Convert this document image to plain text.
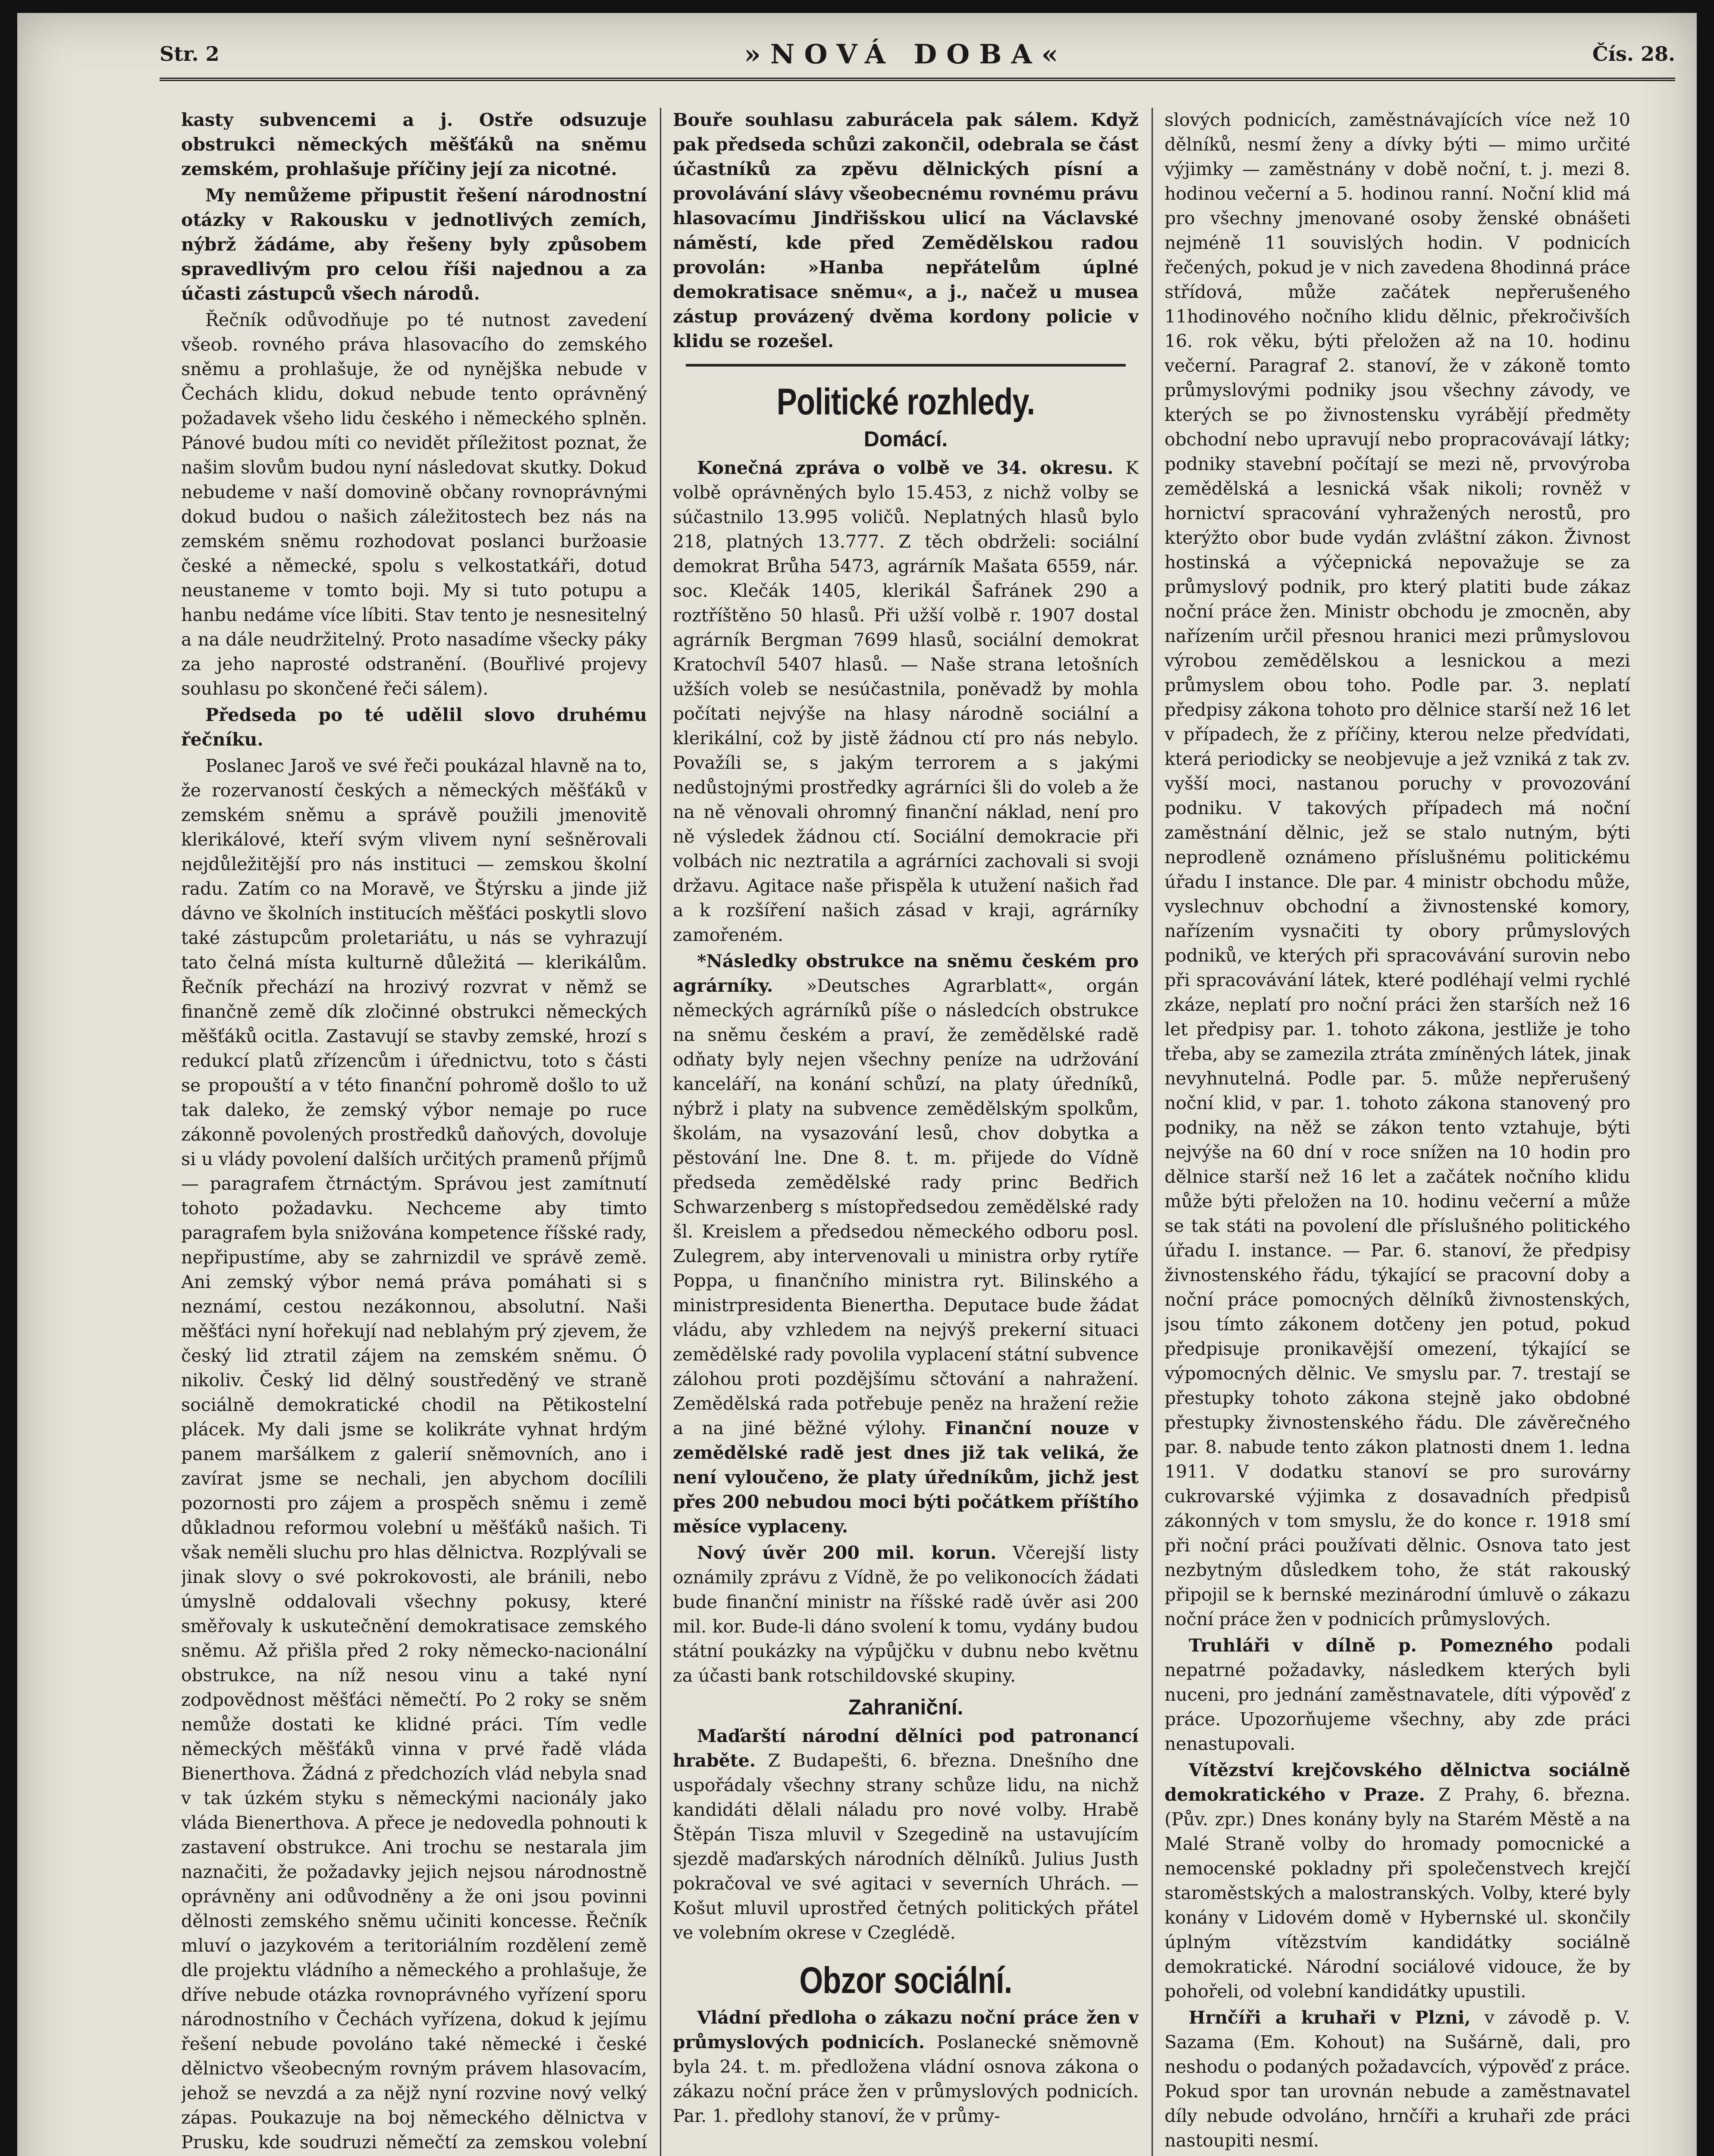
Str. 2	»NOVÁ DOBA«	Čís. 28.

kasty subvencemi a j. Ostře odsuzuje obstrukci německých měšťáků na sněmu zemském, prohlašuje příčiny její za nicotné.

My nemůžeme připustit řešení národnostní otázky v Rakousku v jednotlivých zemích, nýbrž žádáme, aby řešeny byly způsobem spravedlivým pro celou říši najednou a za účasti zástupců všech národů.

Řečník odůvodňuje po té nutnost zavedení všeob. rovného práva hlasovacího do zemského sněmu a prohlašuje, že od nynějška nebude v Čechách klidu, dokud nebude tento oprávněný požadavek všeho lidu českého i německého splněn. Pánové budou míti co nevidět příležitost poznat, že našim slovům budou nyní následovat skutky. Dokud nebudeme v naší domovině občany rovnoprávnými dokud budou o našich záležitostech bez nás na zemském sněmu rozhodovat poslanci buržoasie české a německé, spolu s velkostatkáři, dotud neustaneme v tomto boji. My si tuto potupu a hanbu nedáme více líbiti. Stav tento je nesnesitelný a na dále neudržitelný. Proto nasadíme všecky páky za jeho naprosté odstranění. (Bouřlivé projevy souhlasu po skončené řeči sálem).

Předseda po té udělil slovo druhému řečníku.

Poslanec Jaroš ve své řeči poukázal hlavně na to, že rozervaností českých a německých měšťáků v zemském sněmu a správě použili jmenovitě klerikálové, kteří svým vlivem nyní sešněrovali nejdůležitější pro nás instituci — zemskou školní radu. Zatím co na Moravě, ve Štýrsku a jinde již dávno ve školních institucích měšťáci poskytli slovo také zástupcům proletariátu, u nás se vyhrazují tato čelná místa kulturně důležitá — klerikálům. Řečník přechází na hrozivý rozvrat v němž se finančně země dík zločinné obstrukci německých měšťáků ocitla. Zastavují se stavby zemské, hrozí s redukcí platů zřízencům i úřednictvu, toto s části se propouští a v této finanční pohromě došlo to už tak daleko, že zemský výbor nemaje po ruce zákonně povolených prostředků daňových, dovoluje si u vlády povolení dalších určitých pramenů příjmů — paragrafem čtrnáctým. Správou jest zamítnutí tohoto požadavku. Nechceme aby timto paragrafem byla snižována kompetence říšské rady, nepřipustíme, aby se zahrnizdil ve správě země. Ani zemský výbor nemá práva pomáhati si s neznámí, cestou nezákonnou, absolutní. Naši měšťáci nyní hořekují nad neblahým prý zjevem, že český lid ztratil zájem na zemském sněmu. Ó nikoliv. Český lid dělný soustředěný ve straně sociálně demokratické chodil na Pětikostelní plácek. My dali jsme se kolikráte vyhnat hrdým panem maršálkem z galerií sněmovních, ano i zavírat jsme se nechali, jen abychom docílili pozornosti pro zájem a prospěch sněmu i země důkladnou reformou volební u měšťáků našich. Ti však neměli sluchu pro hlas dělnictva. Rozplývali se jinak slovy o své pokrokovosti, ale bránili, nebo úmyslně oddalovali všechny pokusy, které směřovaly k uskutečnění demokratisace zemského sněmu. Až přišla před 2 roky německo-nacionální obstrukce, na níž nesou vinu a také nyní zodpovědnost měšťáci němečtí. Po 2 roky se sněm nemůže dostati ke klidné práci. Tím vedle německých měšťáků vinna v prvé řadě vláda Bienerthova. Žádná z předchozích vlád nebyla snad v tak úzkém styku s německými nacionály jako vláda Bienerthova. A přece je nedovedla pohnouti k zastavení obstrukce. Ani trochu se nestarala jim naznačiti, že požadavky jejich nejsou národnostně oprávněny ani odůvodněny a že oni jsou povinni dělnosti zemského sněmu učiniti koncesse. Řečník mluví o jazykovém a teritoriálním rozdělení země dle projektu vládního a německého a prohlašuje, že dříve nebude otázka rovnoprávného vyřízení sporu národnostního v Čechách vyřízena, dokud k jejímu řešení nebude povoláno také německé i české dělnictvo všeobecným rovným právem hlasovacím, jehož se nevzdá a za nějž nyní rozvine nový velký zápas. Poukazuje na boj německého dělnictva v Prusku, kde soudruzi němečtí za zemskou volební

Bouře souhlasu zaburácela pak sálem. Když pak předseda schůzi zakončil, odebrala se část účastníků za zpěvu dělnických písní a provolávání slávy všeobecnému rovnému právu hlasovacímu Jindřišskou ulicí na Václavské náměstí, kde před Zemědělskou radou provolán: »Hanba nepřátelům úplné demokratisace sněmu«, a j., načež u musea zástup provázený dvěma kordony policie v klidu se rozešel.

Politické rozhledy.
Domácí.

Konečná zpráva o volbě ve 34. okresu. K volbě oprávněných bylo 15.453, z nichž volby se súčastnilo 13.995 voličů. Neplatných hlasů bylo 218, platných 13.777. Z těch obdrželi: sociální demokrat Brůha 5473, agrárník Mašata 6559, nár. soc. Klečák 1405, klerikál Šafránek 290 a roztříštěno 50 hlasů. Při užší volbě r. 1907 dostal agrárník Bergman 7699 hlasů, sociální demokrat Kratochvíl 5407 hlasů. — Naše strana letošních užších voleb se nesúčastnila, poněvadž by mohla počítati nejvýše na hlasy národně sociální a klerikální, což by jistě žádnou ctí pro nás nebylo. Považíli se, s jakým terrorem a s jakými nedůstojnými prostředky agrárníci šli do voleb a že na ně věnovali ohromný finanční náklad, není pro ně výsledek žádnou ctí. Sociální demokracie při volbách nic neztratila a agrárníci zachovali si svoji državu. Agitace naše přispěla k utužení našich řad a k rozšíření našich zásad v kraji, agrárníky zamořeném.

*Následky obstrukce na sněmu českém pro agrárníky. »Deutsches Agrarblatt«, orgán německých agrárníků píše o následcích obstrukce na sněmu českém a praví, že zemědělské radě odňaty byly nejen všechny peníze na udržování kanceláří, na konání schůzí, na platy úředníků, nýbrž i platy na subvence zemědělským spolkům, školám, na vysazování lesů, chov dobytka a pěstování lne. Dne 8. t. m. přijede do Vídně předseda zemědělské rady princ Bedřich Schwarzenberg s místopředsedou zemědělské rady šl. Kreislem a předsedou německého odboru posl. Zulegrem, aby intervenovali u ministra orby rytíře Poppa, u finančního ministra ryt. Bilinského a ministrpresidenta Bienertha. Deputace bude žádat vládu, aby vzhledem na nejvýš prekerní situaci zemědělské rady povolila vyplacení státní subvence zálohou proti pozdějšímu sčtování a nahražení. Zemědělská rada potřebuje peněz na hražení režie a na jiné běžné výlohy. Finanční nouze v zemědělské radě jest dnes již tak veliká, že není vyloučeno, že platy úředníkům, jichž jest přes 200 nebudou moci býti počátkem příštího měsíce vyplaceny.

Nový úvěr 200 mil. korun. Včerejší listy oznámily zprávu z Vídně, že po velikonocích žádati bude finanční ministr na říšské radě úvěr asi 200 mil. kor. Bude-li dáno svolení k tomu, vydány budou státní poukázky na výpůjčku v dubnu nebo květnu za účasti bank rotschildovské skupiny.

Zahraniční.

Maďarští národní dělníci pod patronancí hraběte. Z Budapešti, 6. března. Dnešního dne uspořádaly všechny strany schůze lidu, na nichž kandidáti dělali náladu pro nové volby. Hrabě Štěpán Tisza mluvil v Szegedině na ustavujícím sjezdě maďarských národních dělníků. Julius Justh pokračoval ve své agitaci v severních Uhrách. — Košut mluvil uprostřed četných politických přátel ve volebním okrese v Czeglédě.

Obzor sociální.

Vládní předloha o zákazu noční práce žen v průmyslových podnicích. Poslanecké sněmovně byla 24. t. m. předložena vládní osnova zákona o zákazu noční práce žen v průmyslových podnicích. Par. 1. předlohy stanoví, že v průmy-

slových podnicích, zaměstnávajících více než 10 dělníků, nesmí ženy a dívky býti — mimo určité výjimky — zaměstnány v době noční, t. j. mezi 8. hodinou večerní a 5. hodinou ranní. Noční klid má pro všechny jmenované osoby ženské obnášeti nejméně 11 souvislých hodin. V podnicích řečených, pokud je v nich zavedena 8hodinná práce střídová, může začátek nepřerušeného 11hodinového nočního klidu dělnic, překročivších 16. rok věku, býti přeložen až na 10. hodinu večerní. Paragraf 2. stanoví, že v zákoně tomto průmyslovými podniky jsou všechny závody, ve kterých se po živnostensku vyrábějí předměty obchodní nebo upravují nebo propracovávají látky; podniky stavební počítají se mezi ně, prvovýroba zemědělská a lesnická však nikoli; rovněž v hornictví spracování vyhražených nerostů, pro kterýžto obor bude vydán zvláštní zákon. Živnost hostinská a výčepnická nepovažuje se za průmyslový podnik, pro který platiti bude zákaz noční práce žen. Ministr obchodu je zmocněn, aby nařízením určil přesnou hranici mezi průmyslovou výrobou zemědělskou a lesnickou a mezi průmyslem obou toho. Podle par. 3. neplatí předpisy zákona tohoto pro dělnice starší než 16 let v případech, že z příčiny, kterou nelze předvídati, která periodicky se neobjevuje a jež vzniká z tak zv. vyšší moci, nastanou poruchy v provozování podniku. V takových případech má noční zaměstnání dělnic, jež se stalo nutným, býti neprodleně oznámeno příslušnému politickému úřadu I instance. Dle par. 4 ministr obchodu může, vyslechnuv obchodní a živnostenské komory, nařízením vysnačiti ty obory průmyslových podniků, ve kterých při spracovávání surovin nebo při spracovávání látek, které podléhají velmi rychlé zkáze, neplatí pro noční práci žen starších než 16 let předpisy par. 1. tohoto zákona, jestliže je toho třeba, aby se zamezila ztráta zmíněných látek, jinak nevyhnutelná. Podle par. 5. může nepřerušený noční klid, v par. 1. tohoto zákona stanovený pro podniky, na něž se zákon tento vztahuje, býti nejvýše na 60 dní v roce snížen na 10 hodin pro dělnice starší než 16 let a začátek nočního klidu může býti přeložen na 10. hodinu večerní a může se tak státi na povolení dle příslušného politického úřadu I. instance. — Par. 6. stanoví, že předpisy živnostenského řádu, týkající se pracovní doby a noční práce pomocných dělníků živnostenských, jsou tímto zákonem dotčeny jen potud, pokud předpisuje pronikavější omezení, týkající se výpomocných dělnic. Ve smyslu par. 7. trestají se přestupky tohoto zákona stejně jako obdobné přestupky živnostenského řádu. Dle závěrečného par. 8. nabude tento zákon platnosti dnem 1. ledna 1911. V dodatku stanoví se pro surovárny cukrovarské výjimka z dosavadních předpisů zákonných v tom smyslu, že do konce r. 1918 smí při noční práci používati dělnic. Osnova tato jest nezbytným důsledkem toho, že stát rakouský připojil se k bernské mezinárodní úmluvě o zákazu noční práce žen v podnicích průmyslových.

Truhláři v dílně p. Pomezného podali nepatrné požadavky, následkem kterých byli nuceni, pro jednání zaměstnavatele, díti výpověď z práce. Upozorňujeme všechny, aby zde práci nenastupovali.

Vítězství krejčovského dělnictva sociálně demokratického v Praze. Z Prahy, 6. března. (Pův. zpr.) Dnes konány byly na Starém Městě a na Malé Straně volby do hromady pomocnické a nemocenské pokladny při společenstvech krejčí staroměstských a malostranských. Volby, které byly konány v Lidovém domě v Hybernské ul. skončily úplným vítězstvím kandidátky sociálně demokratické. Národní sociálové vidouce, že by pohořeli, od volební kandidátky upustili.

Hrnčíři a kruhaři v Plzni, v závodě p. V. Sazama (Em. Kohout) na Sušárně, dali, pro neshodu o podaných požadavcích, výpověď z práce. Pokud spor tan urovnán nebude a zaměstnavatel díly nebude odvoláno, hrnčíři a kruhaři zde práci nastoupiti nesmí.
